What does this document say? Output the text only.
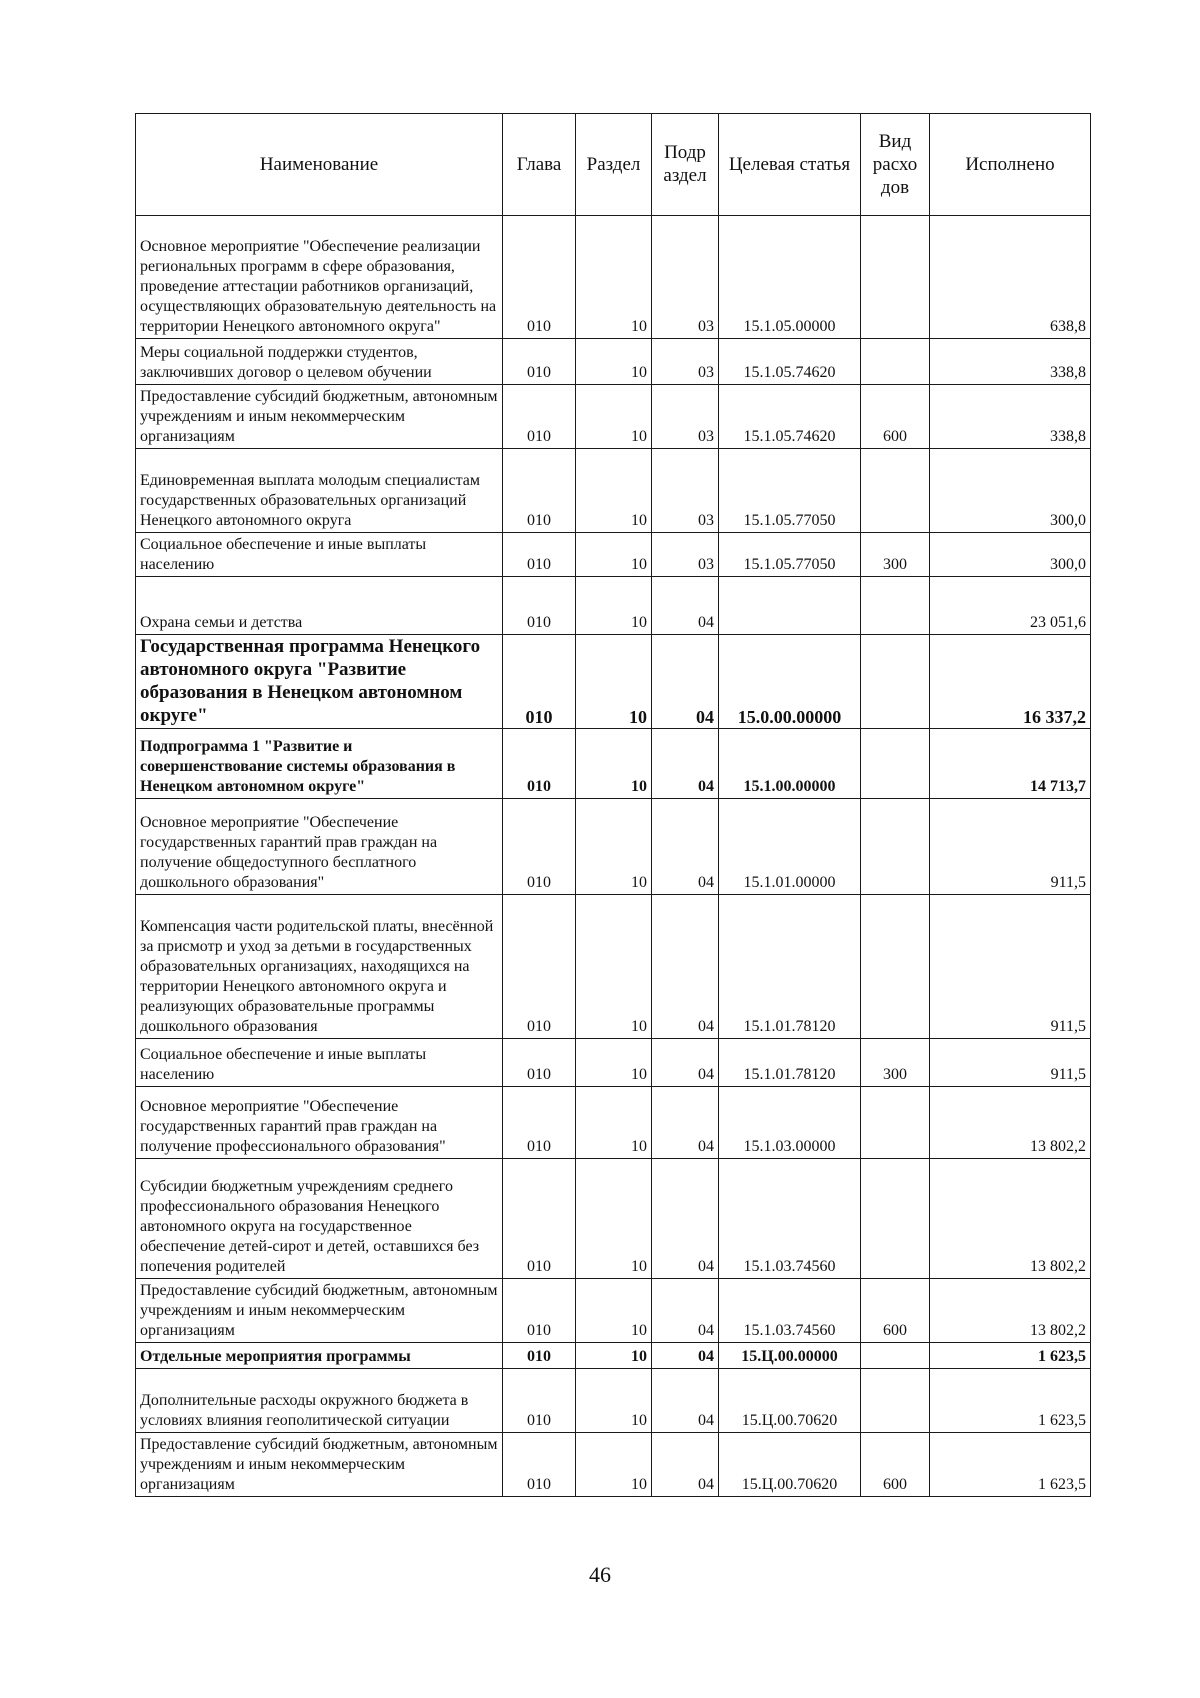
Наименование	Глава	Раздел	Подр аздел	Целевая статья	Вид расхо дов	Исполнено
Основное мероприятие "Обеспечение реализации региональных программ в сфере образования, проведение аттестации работников организаций, осуществляющих образовательную деятельность на территории Ненецкого автономного округа"	010	10	03	15.1.05.00000		638,8
Меры социальной поддержки студентов, заключивших договор о целевом обучении	010	10	03	15.1.05.74620		338,8
Предоставление субсидий бюджетным, автономным учреждениям и иным некоммерческим организациям	010	10	03	15.1.05.74620	600	338,8
Единовременная выплата молодым специалистам государственных образовательных организаций Ненецкого автономного округа	010	10	03	15.1.05.77050		300,0
Социальное обеспечение и иные выплаты населению	010	10	03	15.1.05.77050	300	300,0
Охрана семьи и детства	010	10	04			23 051,6
Государственная программа Ненецкого автономного округа "Развитие образования в Ненецком автономном округе"	010	10	04	15.0.00.00000		16 337,2
Подпрограмма 1 "Развитие и совершенствование системы образования в Ненецком автономном округе"	010	10	04	15.1.00.00000		14 713,7
Основное мероприятие "Обеспечение государственных гарантий прав граждан на получение общедоступного бесплатного дошкольного образования"	010	10	04	15.1.01.00000		911,5
Компенсация части родительской платы, внесённой за присмотр и уход за детьми в государственных образовательных организациях, находящихся на территории Ненецкого автономного округа и реализующих образовательные программы дошкольного образования	010	10	04	15.1.01.78120		911,5
Социальное обеспечение и иные выплаты населению	010	10	04	15.1.01.78120	300	911,5
Основное мероприятие "Обеспечение государственных гарантий прав граждан на получение профессионального образования"	010	10	04	15.1.03.00000		13 802,2
Субсидии бюджетным учреждениям среднего профессионального образования Ненецкого автономного округа на государственное обеспечение детей-сирот и детей, оставшихся без попечения родителей	010	10	04	15.1.03.74560		13 802,2
Предоставление субсидий бюджетным, автономным учреждениям и иным некоммерческим организациям	010	10	04	15.1.03.74560	600	13 802,2
Отдельные мероприятия программы	010	10	04	15.Ц.00.00000		1 623,5
Дополнительные расходы окружного бюджета в условиях влияния геополитической ситуации	010	10	04	15.Ц.00.70620		1 623,5
Предоставление субсидий бюджетным, автономным учреждениям и иным некоммерческим организациям	010	10	04	15.Ц.00.70620	600	1 623,5
46
